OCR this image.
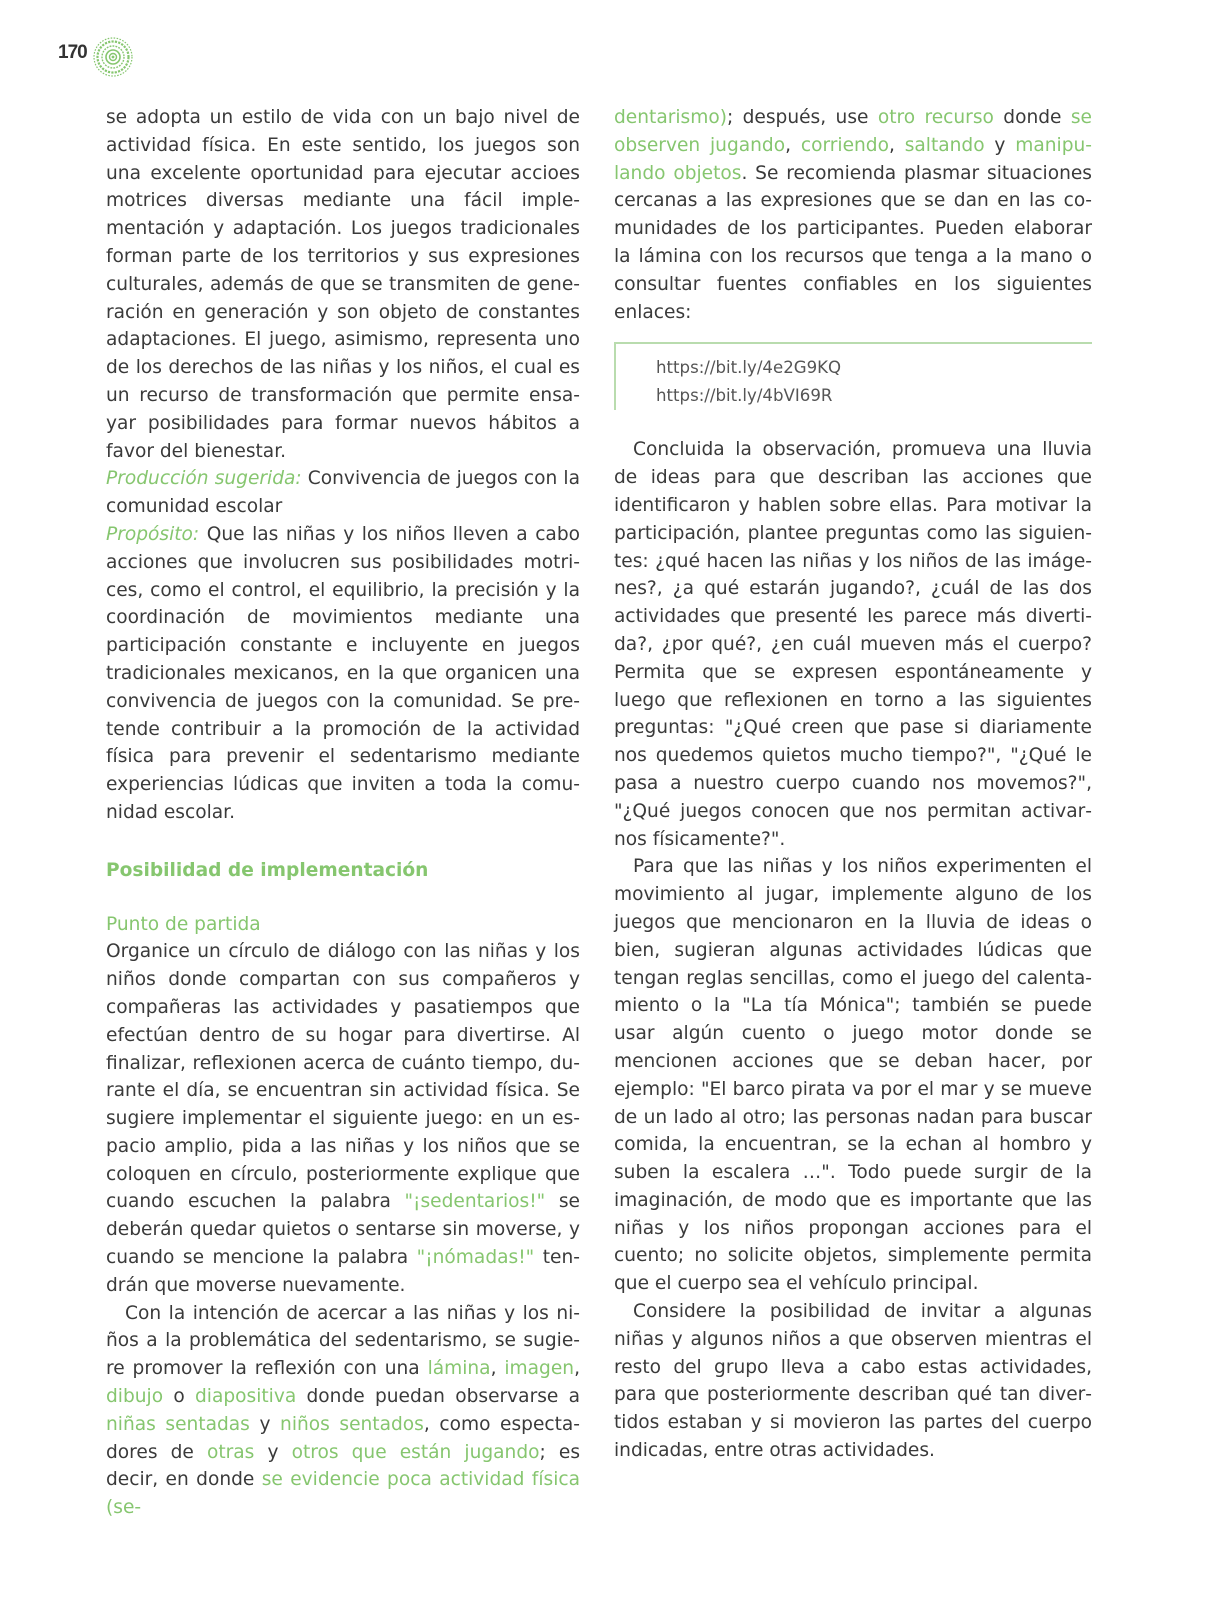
170

se adopta un estilo de vida con un bajo nivel de actividad física. En este sentido, los juegos son una excelente oportunidad para ejecutar accioes motrices diversas mediante una fácil implementación y adaptación. Los juegos tradicionales forman parte de los territorios y sus expresiones culturales, además de que se transmiten de generación en generación y son objeto de constantes adaptaciones. El juego, asimismo, representa uno de los derechos de las niñas y los niños, el cual es un recurso de transformación que permite ensayar posibilidades para formar nuevos hábitos a favor del bienestar.

Producción sugerida: Convivencia de juegos con la comunidad escolar

Propósito: Que las niñas y los niños lleven a cabo acciones que involucren sus posibilidades motrices, como el control, el equilibrio, la precisión y la coordinación de movimientos mediante una participación constante e incluyente en juegos tradicionales mexicanos, en la que organicen una convivencia de juegos con la comunidad. Se pretende contribuir a la promoción de la actividad física para prevenir el sedentarismo mediante experiencias lúdicas que inviten a toda la comunidad escolar.

Posibilidad de implementación

Punto de partida

Organice un círculo de diálogo con las niñas y los niños donde compartan con sus compañeros y compañeras las actividades y pasatiempos que efectúan dentro de su hogar para divertirse. Al finalizar, reflexionen acerca de cuánto tiempo, durante el día, se encuentran sin actividad física. Se sugiere implementar el siguiente juego: en un espacio amplio, pida a las niñas y los niños que se coloquen en círculo, posteriormente explique que cuando escuchen la palabra "¡sedentarios!" se deberán quedar quietos o sentarse sin moverse, y cuando se mencione la palabra "¡nómadas!" tendrán que moverse nuevamente.

Con la intención de acercar a las niñas y los niños a la problemática del sedentarismo, se sugiere promover la reflexión con una lámina, imagen, dibujo o diapositiva donde puedan observarse a niñas sentadas y niños sentados, como espectadores de otras y otros que están jugando; es decir, en donde se evidencie poca actividad física (se-

dentarismo); después, use otro recurso donde se observen jugando, corriendo, saltando y manipulando objetos. Se recomienda plasmar situaciones cercanas a las expresiones que se dan en las comunidades de los participantes. Pueden elaborar la lámina con los recursos que tenga a la mano o consultar fuentes confiables en los siguientes enlaces:

https://bit.ly/4e2G9KQ
https://bit.ly/4bVI69R

Concluida la observación, promueva una lluvia de ideas para que describan las acciones que identificaron y hablen sobre ellas. Para motivar la participación, plantee preguntas como las siguientes: ¿qué hacen las niñas y los niños de las imágenes?, ¿a qué estarán jugando?, ¿cuál de las dos actividades que presenté les parece más divertida?, ¿por qué?, ¿en cuál mueven más el cuerpo? Permita que se expresen espontáneamente y luego que reflexionen en torno a las siguientes preguntas: "¿Qué creen que pase si diariamente nos quedemos quietos mucho tiempo?", "¿Qué le pasa a nuestro cuerpo cuando nos movemos?", "¿Qué juegos conocen que nos permitan activarnos físicamente?".

Para que las niñas y los niños experimenten el movimiento al jugar, implemente alguno de los juegos que mencionaron en la lluvia de ideas o bien, sugieran algunas actividades lúdicas que tengan reglas sencillas, como el juego del calentamiento o la "La tía Mónica"; también se puede usar algún cuento o juego motor donde se mencionen acciones que se deban hacer, por ejemplo: "El barco pirata va por el mar y se mueve de un lado al otro; las personas nadan para buscar comida, la encuentran, se la echan al hombro y suben la escalera …". Todo puede surgir de la imaginación, de modo que es importante que las niñas y los niños propongan acciones para el cuento; no solicite objetos, simplemente permita que el cuerpo sea el vehículo principal.

Considere la posibilidad de invitar a algunas niñas y algunos niños a que observen mientras el resto del grupo lleva a cabo estas actividades, para que posteriormente describan qué tan divertidos estaban y si movieron las partes del cuerpo indicadas, entre otras actividades.
